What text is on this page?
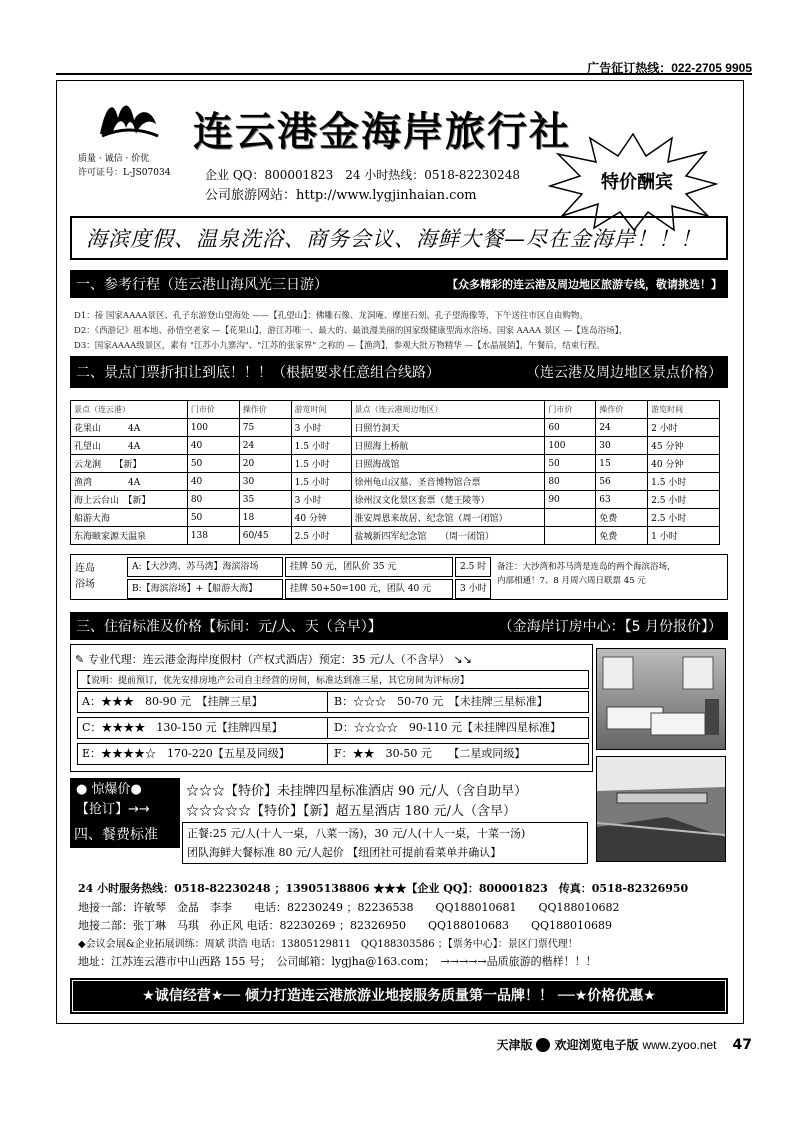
广告征订热线：022-2705 9905
质量 · 诚信 · 价优
许可证号：L-JS07034
连云港金海岸旅行社
企业 QQ：800001823　24 小时热线：0518-82230248
公司旅游网站：http://www.lygjinhaian.com
特价酬宾
海滨度假、温泉洗浴、商务会议、海鲜大餐—尽在金海岸！！！
一、参考行程（连云港山海风光三日游）	【众多精彩的连云港及周边地区旅游专线，敬请挑选！】
D1：接 国家AAAA景区、孔子东游登山望海处 ——【孔望山】：佛雕石像、龙洞庵、摩崖石刻、孔子望海像等，下午送往市区自由购物。
D2：《西游记》祖本地、孙悟空老家 —【花果山】，游江苏唯一、最大的、最浪漫美丽的国家级健康型海水浴场、国家 AAAA 景区 —【连岛浴场】，
D3：国家AAAA级景区，素有 "江苏小九寨沟"、"江苏的张家界" 之称的 —【渔湾】，参观大批万物精华 —【水晶展销】，午餐后，结束行程。
二、景点门票折扣让到底！！！（根据要求任意组合线路）	（连云港及周边地区景点价格）
景点（连云港）	门市价	操作价	游览时间	景点（连云港周边地区）	门市价	操作价	游览时间
花果山　　　4A	100	75	3 小时	日照竹洞天	60	24	2 小时
孔望山　　　4A	40	24	1.5 小时	日照海上桥航	100	30	45 分钟
云龙涧　　【新】	50	20	1.5 小时	日照海战馆	50	15	40 分钟
渔湾　　　　4A	40	30	1.5 小时	徐州龟山汉墓、圣音博物馆合票	80	56	1.5 小时
海上云台山　【新】	80	35	3 小时	徐州汉文化景区套票（楚王陵等）	90	63	2.5 小时
船游大海	50	18	40 分钟	淮安周恩来故居、纪念馆（周一闭馆）		免费	2.5 小时
东海颐家源天温泉	138	60/45	2.5 小时	盐城新四军纪念馆　　（周一闭馆）		免费	1 小时
连岛
浴场
A:【大沙湾、苏马湾】海滨浴场	挂牌 50 元，团队价 35 元	2.5 时
B:【海滨浴场】+【船游大海】	挂牌 50+50=100 元，团队 40 元	3 小时
备注：大沙湾和苏马湾是连岛的两个海滨浴场，
内部相通！7、8 月周六周日联票 45 元
三、住宿标准及价格【标间：元/人、天（含早）】	（金海岸订房中心：【5 月份报价】）
✎ 专业代理：连云港金海岸度假村（产权式酒店）预定：35 元/人（不含早） ↘↘
【说明：提前预订，优先安排房地产公司自主经营的房间，标准达到准三星，其它房间为评标房】
A：★★★　80-90 元　【挂牌三星】	B：☆☆☆　50-70 元　【未挂牌三星标准】
C：★★★★　130-150 元【挂牌四星】	D：☆☆☆☆　90-110 元【未挂牌四星标准】
E：★★★★☆　170-220【五星及同级】	F：★★　30-50 元　　【二星或同级】
● 惊爆价●
【抢订】→→
☆☆☆【特价】未挂牌四星标准酒店 90 元/人（含自助早）
☆☆☆☆☆【特价】【新】超五星酒店 180 元/人（含早）
四、餐费标准	正餐:25 元/人(十人一桌，八菜一汤)，30 元/人(十人一桌，十菜一汤)
团队海鲜大餐标准 80 元/人起价 【纽团社可提前看菜单并确认】
24 小时服务热线：0518-82230248 ；13905138806 ★★★【企业 QQ】：800001823　传真：0518-82326950
地接一部：许敏琴　金晶　李李　　电话：82230249 ；82236538　　QQ188010681　　QQ188010682
地接二部：张丁琳　马琪　孙正风 电话：82230269 ；82326950　　QQ188010683　　QQ188010689
◆会议会展&企业拓展训练：周斌 洪浩 电话：13805129811　QQ188303586 ；【票务中心】：景区门票代理！
地址：江苏连云港市中山西路 155 号；　公司邮箱：lygjha@163.com；　→→→→→品质旅游的楷样！！！
★诚信经营★── 倾力打造连云港旅游业地接服务质量第一品牌！！ ──★价格优惠★
天津版 欢迎浏览电子版 www.zyoo.net 47
